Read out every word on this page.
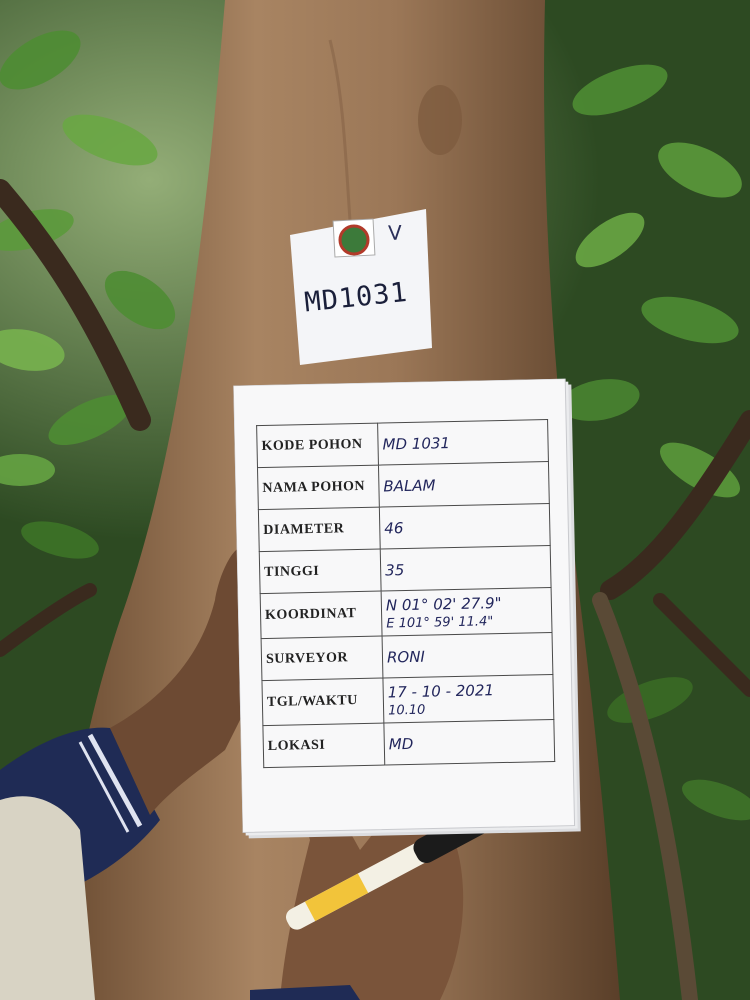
V
MD1031
KODE POHON	MD 1031
NAMA POHON	BALAM
DIAMETER	46
TINGGI	35
KOORDINAT	N 01° 02' 27.9"
E 101° 59' 11.4"

SURVEYOR	RONI
TGL/WAKTU	17 - 10 - 2021
10.10

LOKASI	MD
